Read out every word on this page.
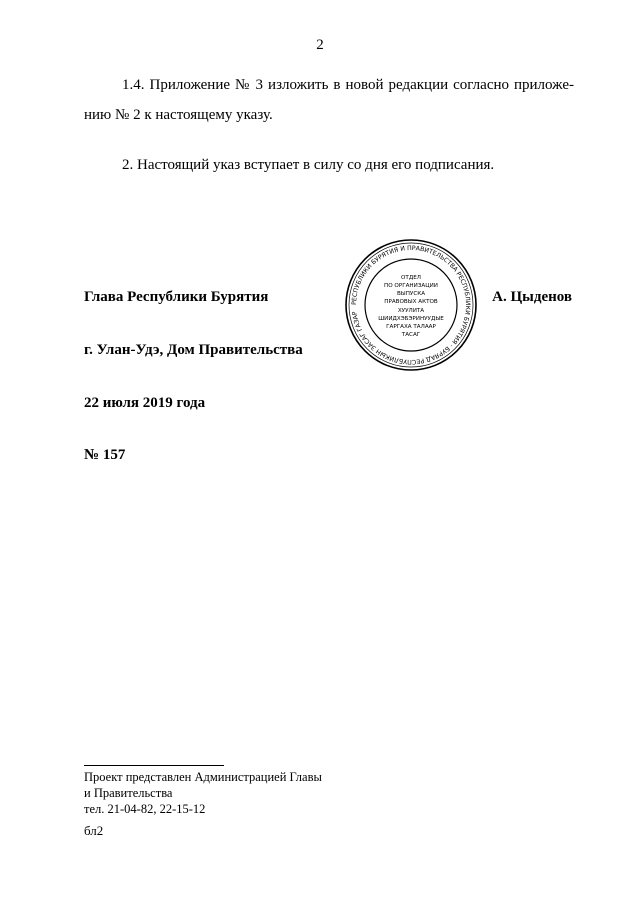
2
1.4. Приложение № 3 изложить в новой редакции согласно приложе-нию № 2 к настоящему указу.
2. Настоящий указ вступает в силу со дня его подписания.
Глава Республики Бурятия	А. Цыденов
РЕСПУБЛИКИ БУРЯТИЯ И ПРАВИТЕЛЬСТВА РЕСПУБЛИКИ БУРЯТИЯ · БУРЯАД РЕСПУБЛИКЫН ЗАСАГ ГАЗАР
ОТДЕЛ
ПО ОРГАНИЗАЦИИ
ВЫПУСКА
ПРАВОВЫХ АКТОВ
ХУУЛИТА
ШИИДХЭБЭРИНУУДЫЕ
ГАРГАХА ТАЛААР
ТАСАГ
г. Улан-Удэ, Дом Правительства
22 июля 2019 года
№ 157
Проект представлен Администрацией Главы
и Правительства
тел. 21-04-82, 22-15-12
бл2
